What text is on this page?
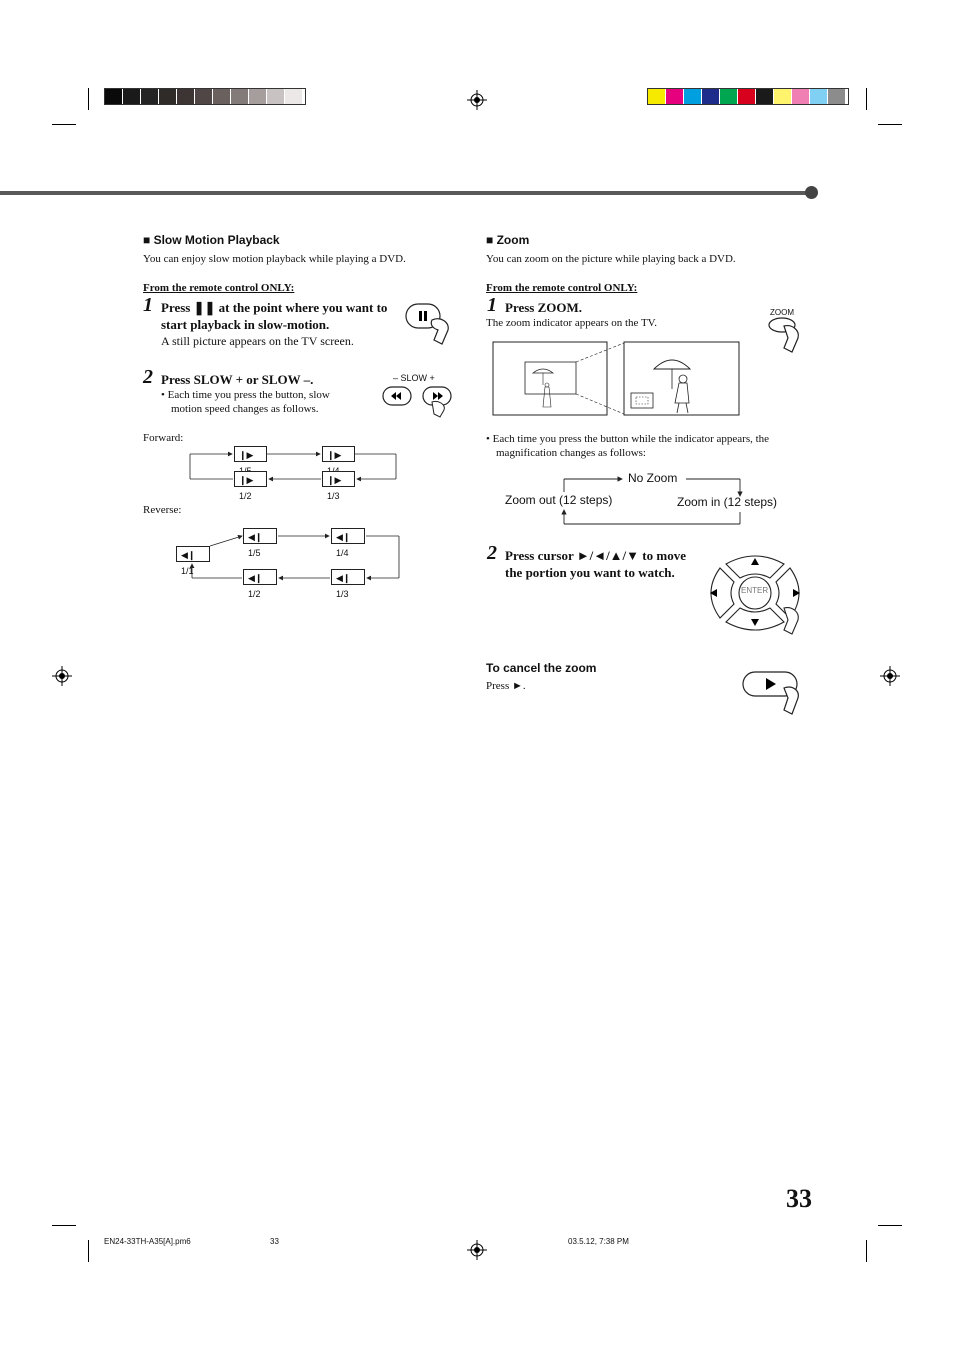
■ Slow Motion Playback
You can enjoy slow motion playback while playing a DVD.
From the remote control ONLY:
1 Press ❚❚ at the point where you want to
start playback in slow-motion.
A still picture appears on the TV screen.
2 Press SLOW + or SLOW –.
• Each time you press the button, slow
motion speed changes as follows.
– SLOW +
Forward:
❙▶	❙▶
❙▶ 1/2
❙▶ 1/3
Reverse:
◀❙ 1/1
◀❙ 1/5
◀❙ 1/4
◀❙ 1/2
◀❙ 1/3
■ Zoom
You can zoom on the picture while playing back a DVD.
From the remote control ONLY:
1 Press ZOOM.
The zoom indicator appears on the TV.
ZOOM
• Each time you press the button while the indicator appears, the
magnification changes as follows:
No Zoom
Zoom out (12 steps)	Zoom in (12 steps)
2 Press cursor ►/◄/▲/▼ to move
the portion you want to watch.
ENTER
To cancel the zoom
Press ►.
33
EN24-33TH-A35[A].pm6	33	03.5.12, 7:38 PM
